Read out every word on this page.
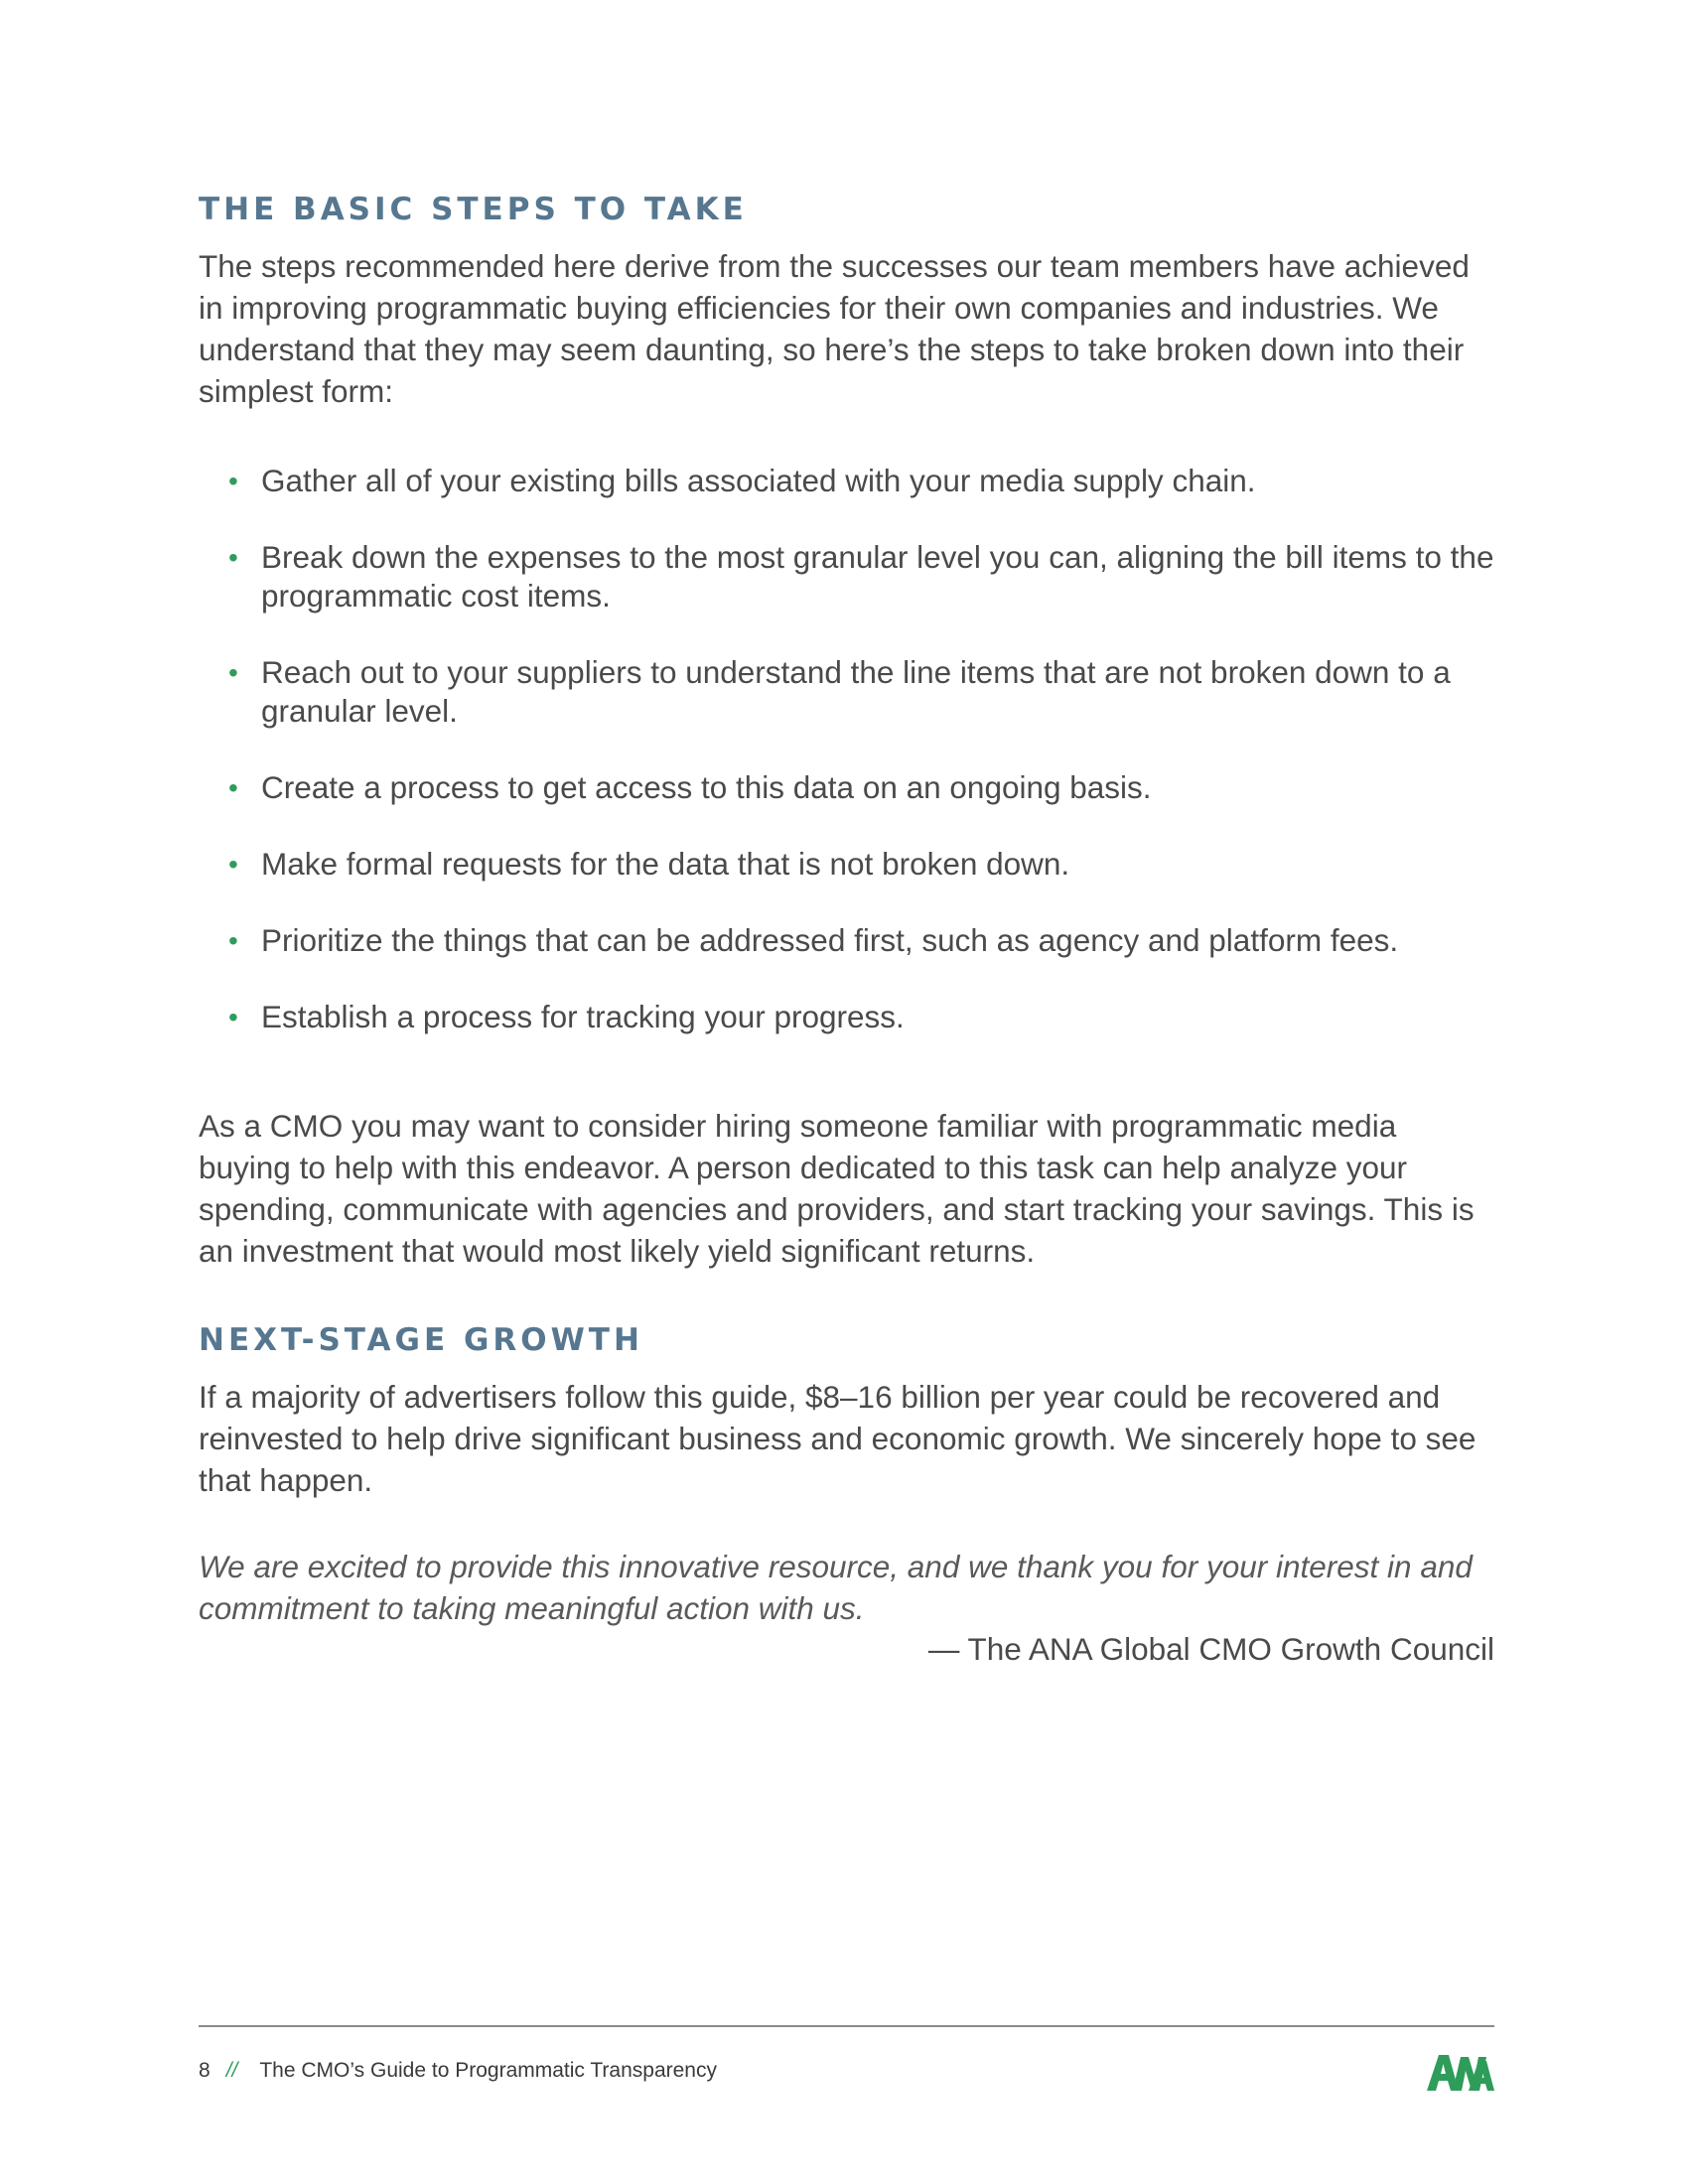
THE BASIC STEPS TO TAKE

The steps recommended here derive from the successes our team members have achieved in improving programmatic buying efficiencies for their own companies and industries. We understand that they may seem daunting, so here’s the steps to take broken down into their simplest form:

• Gather all of your existing bills associated with your media supply chain.
• Break down the expenses to the most granular level you can, aligning the bill items to the programmatic cost items.
• Reach out to your suppliers to understand the line items that are not broken down to a granular level.
• Create a process to get access to this data on an ongoing basis.
• Make formal requests for the data that is not broken down.
• Prioritize the things that can be addressed first, such as agency and platform fees.
• Establish a process for tracking your progress.

As a CMO you may want to consider hiring someone familiar with programmatic media buying to help with this endeavor. A person dedicated to this task can help analyze your spending, communicate with agencies and providers, and start tracking your savings. This is an investment that would most likely yield significant returns.

NEXT-STAGE GROWTH

If a majority of advertisers follow this guide, $8–16 billion per year could be recovered and reinvested to help drive significant business and economic growth. We sincerely hope to see that happen.

We are excited to provide this innovative resource, and we thank you for your interest in and commitment to taking meaningful action with us.

— The ANA Global CMO Growth Council
8 // The CMO’s Guide to Programmatic Transparency
